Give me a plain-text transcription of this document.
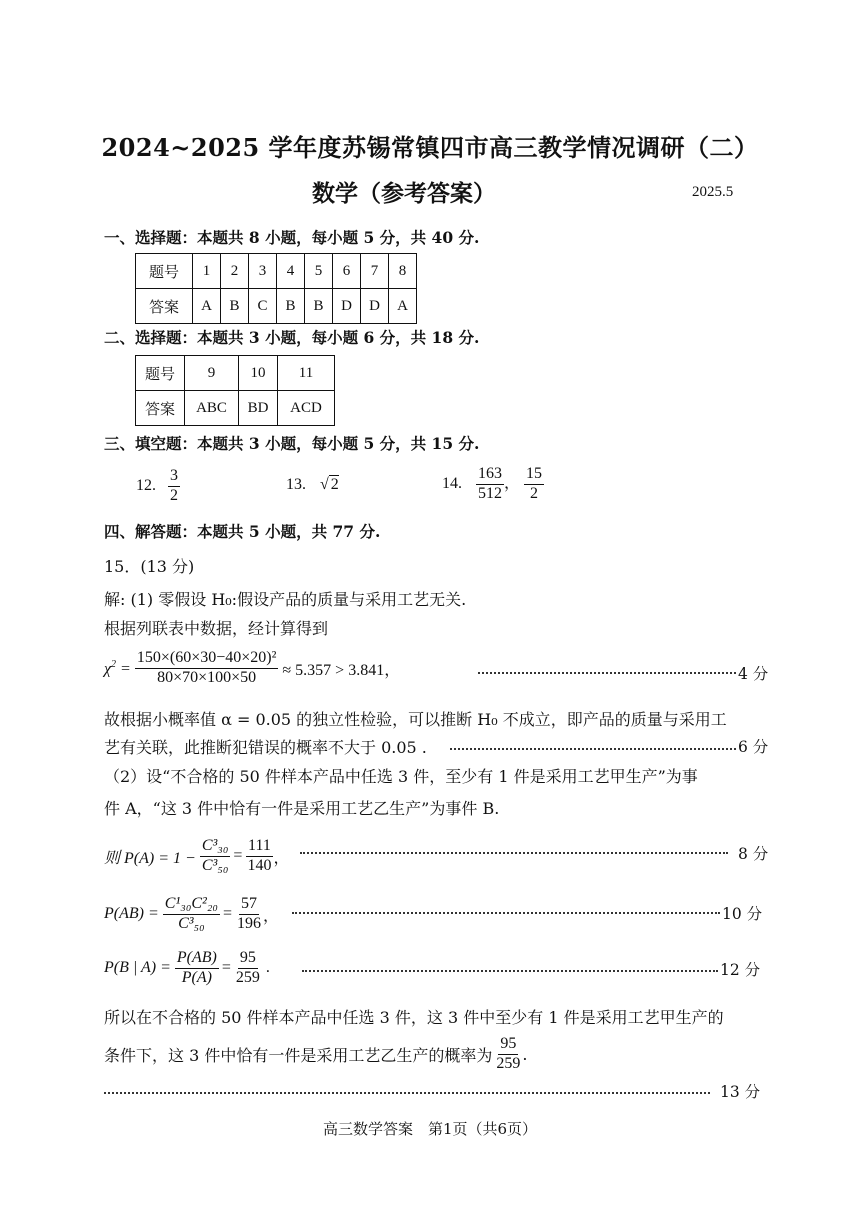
2024~2025 学年度苏锡常镇四市高三教学情况调研（二）
数学（参考答案）	2025.5
一、选择题：本题共 8 小题，每小题 5 分，共 40 分.
题号	1	2	3	4	5	6	7	8
答案	A	B	C	B	B	D	D	A
二、选择题：本题共 3 小题，每小题 6 分，共 18 分.
题号	9	10	11
答案	ABC	BD	ACD
三、填空题：本题共 3 小题，每小题 5 分，共 15 分.
12. $\frac{3}{2}$	13. √ 2	14. $\frac{163}{512}$ ， $\frac{15}{2}$
四、解答题：本题共 5 小题，共 77 分.
15．(13 分)
解: (1) 零假设 H₀:假设产品的质量与采用工艺无关.
根据列联表中数据，经计算得到
$\chi^2 = \frac{\text{150×(60×30−40×20)²}}{80\times 70\times 100\times 50} \approx 5.357 > 3.841$，	4 分
故根据小概率值 α = 0.05 的独立性检验，可以推断 H₀ 不成立，即产品的质量与采用工
艺有关联，此推断犯错误的概率不大于 0.05 .	6 分
（2）设“不合格的 50 件样本产品中任选 3 件，至少有 1 件是采用工艺甲生产”为事
件 A，“这 3 件中恰有一件是采用工艺乙生产”为事件 B.
则 $P(A) = 1 - \frac{\text{C³₃₀}}{\text{C³₅₀}} = \frac{111}{140}$ ，	8 分
$P(AB) = \frac{\text{C¹₃₀C²₂₀}}{\text{C³₅₀}} = \frac{57}{196}$ ，	10 分
P(B | $A) = \frac{P(AB)}{P(A)} = \frac{95}{259}$ .	12 分
所以在不合格的 50 件样本产品中任选 3 件，这 3 件中至少有 1 件是采用工艺甲生产的
条件下，这 3 件中恰有一件是采用工艺乙生产的概率为 $\frac{95}{259}$ .
13 分
高三数学答案　第1页（共6页）
